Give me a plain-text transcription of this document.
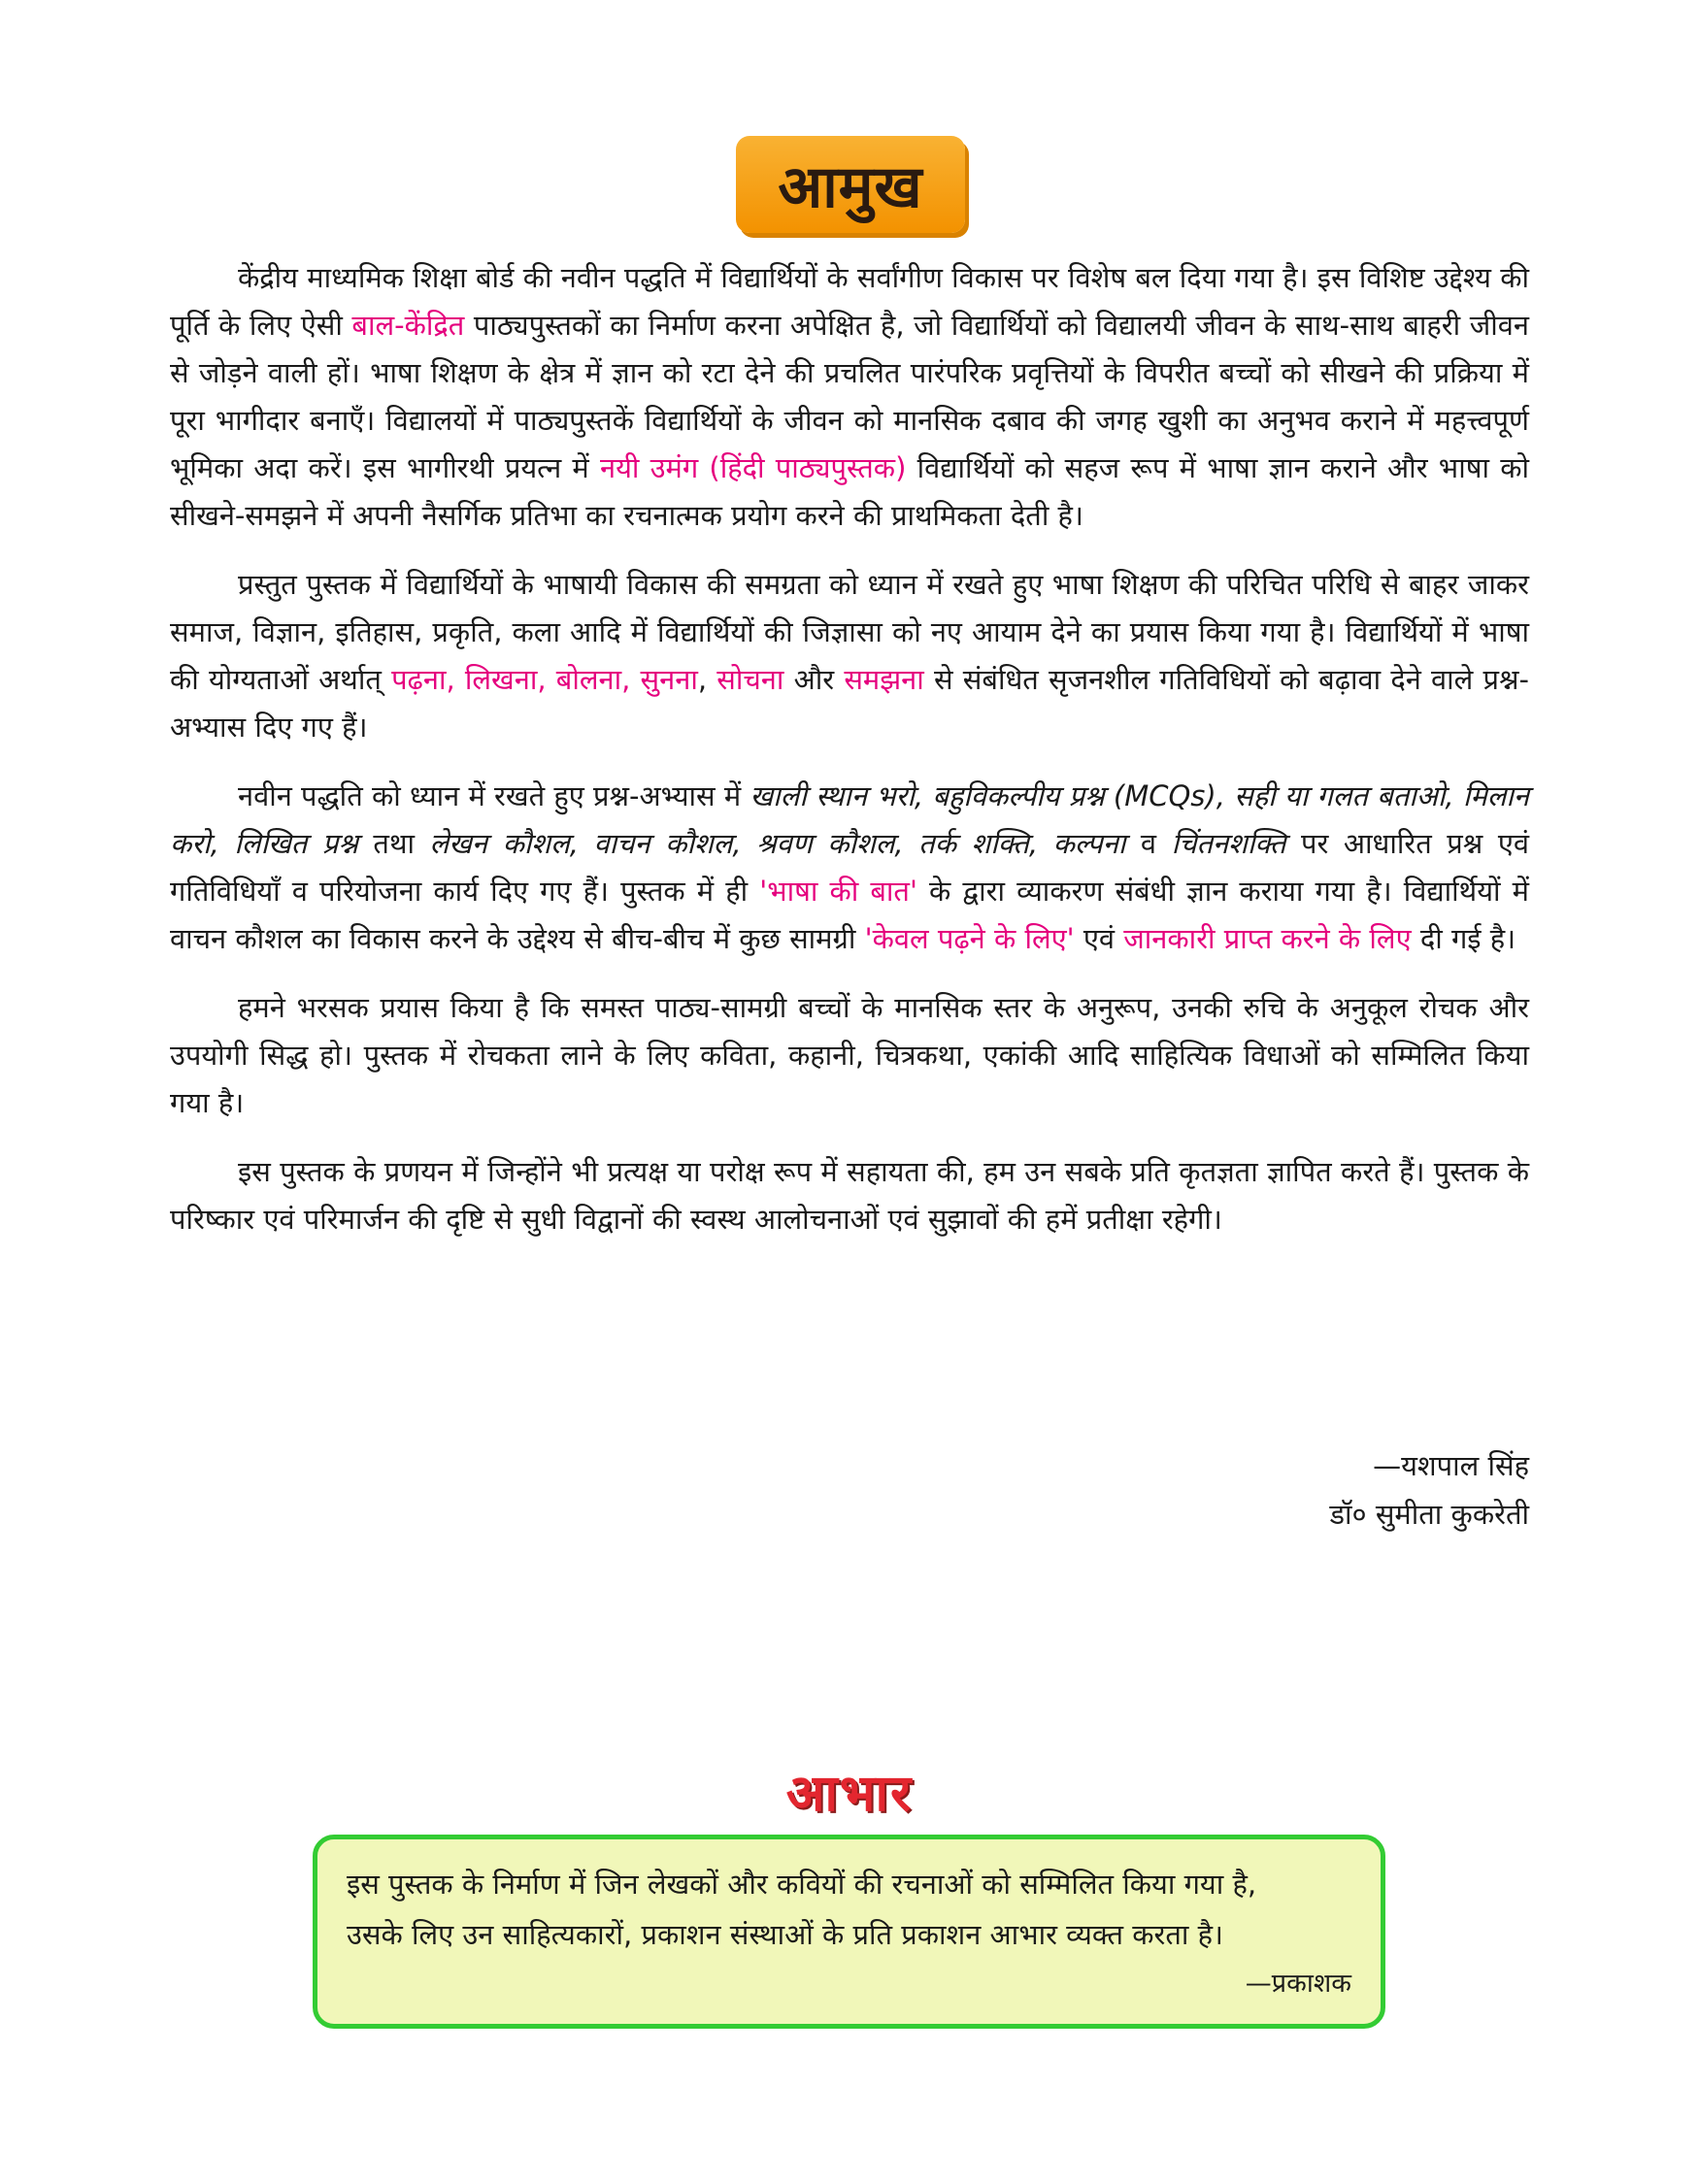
आमुख

केंद्रीय माध्यमिक शिक्षा बोर्ड की नवीन पद्धति में विद्यार्थियों के सर्वांगीण विकास पर विशेष बल दिया गया है। इस विशिष्ट उद्देश्य की पूर्ति के लिए ऐसी बाल-केंद्रित पाठ्यपुस्तकों का निर्माण करना अपेक्षित है, जो विद्यार्थियों को विद्यालयी जीवन के साथ-साथ बाहरी जीवन से जोड़ने वाली हों। भाषा शिक्षण के क्षेत्र में ज्ञान को रटा देने की प्रचलित पारंपरिक प्रवृत्तियों के विपरीत बच्चों को सीखने की प्रक्रिया में पूरा भागीदार बनाएँ। विद्यालयों में पाठ्यपुस्तकें विद्यार्थियों के जीवन को मानसिक दबाव की जगह खुशी का अनुभव कराने में महत्त्वपूर्ण भूमिका अदा करें। इस भागीरथी प्रयत्न में नयी उमंग (हिंदी पाठ्यपुस्तक) विद्यार्थियों को सहज रूप में भाषा ज्ञान कराने और भाषा को सीखने-समझने में अपनी नैसर्गिक प्रतिभा का रचनात्मक प्रयोग करने की प्राथमिकता देती है।

प्रस्तुत पुस्तक में विद्यार्थियों के भाषायी विकास की समग्रता को ध्यान में रखते हुए भाषा शिक्षण की परिचित परिधि से बाहर जाकर समाज, विज्ञान, इतिहास, प्रकृति, कला आदि में विद्यार्थियों की जिज्ञासा को नए आयाम देने का प्रयास किया गया है। विद्यार्थियों में भाषा की योग्यताओं अर्थात् पढ़ना, लिखना, बोलना, सुनना, सोचना और समझना से संबंधित सृजनशील गतिविधियों को बढ़ावा देने वाले प्रश्न-अभ्यास दिए गए हैं।

नवीन पद्धति को ध्यान में रखते हुए प्रश्न-अभ्यास में खाली स्थान भरो, बहुविकल्पीय प्रश्न (MCQs), सही या गलत बताओ, मिलान करो, लिखित प्रश्न तथा लेखन कौशल, वाचन कौशल, श्रवण कौशल, तर्क शक्ति, कल्पना व चिंतनशक्ति पर आधारित प्रश्न एवं गतिविधियाँ व परियोजना कार्य दिए गए हैं। पुस्तक में ही 'भाषा की बात' के द्वारा व्याकरण संबंधी ज्ञान कराया गया है। विद्यार्थियों में वाचन कौशल का विकास करने के उद्देश्य से बीच-बीच में कुछ सामग्री 'केवल पढ़ने के लिए' एवं जानकारी प्राप्त करने के लिए दी गई है।

हमने भरसक प्रयास किया है कि समस्त पाठ्य-सामग्री बच्चों के मानसिक स्तर के अनुरूप, उनकी रुचि के अनुकूल रोचक और उपयोगी सिद्ध हो। पुस्तक में रोचकता लाने के लिए कविता, कहानी, चित्रकथा, एकांकी आदि साहित्यिक विधाओं को सम्मिलित किया गया है।

इस पुस्तक के प्रणयन में जिन्होंने भी प्रत्यक्ष या परोक्ष रूप में सहायता की, हम उन सबके प्रति कृतज्ञता ज्ञापित करते हैं। पुस्तक के परिष्कार एवं परिमार्जन की दृष्टि से सुधी विद्वानों की स्वस्थ आलोचनाओं एवं सुझावों की हमें प्रतीक्षा रहेगी।

—यशपाल सिंह
डॉ० सुमीता कुकरेती
आभार
इस पुस्तक के निर्माण में जिन लेखकों और कवियों की रचनाओं को सम्मिलित किया गया है,
उसके लिए उन साहित्यकारों, प्रकाशन संस्थाओं के प्रति प्रकाशन आभार व्यक्त करता है।
—प्रकाशक
